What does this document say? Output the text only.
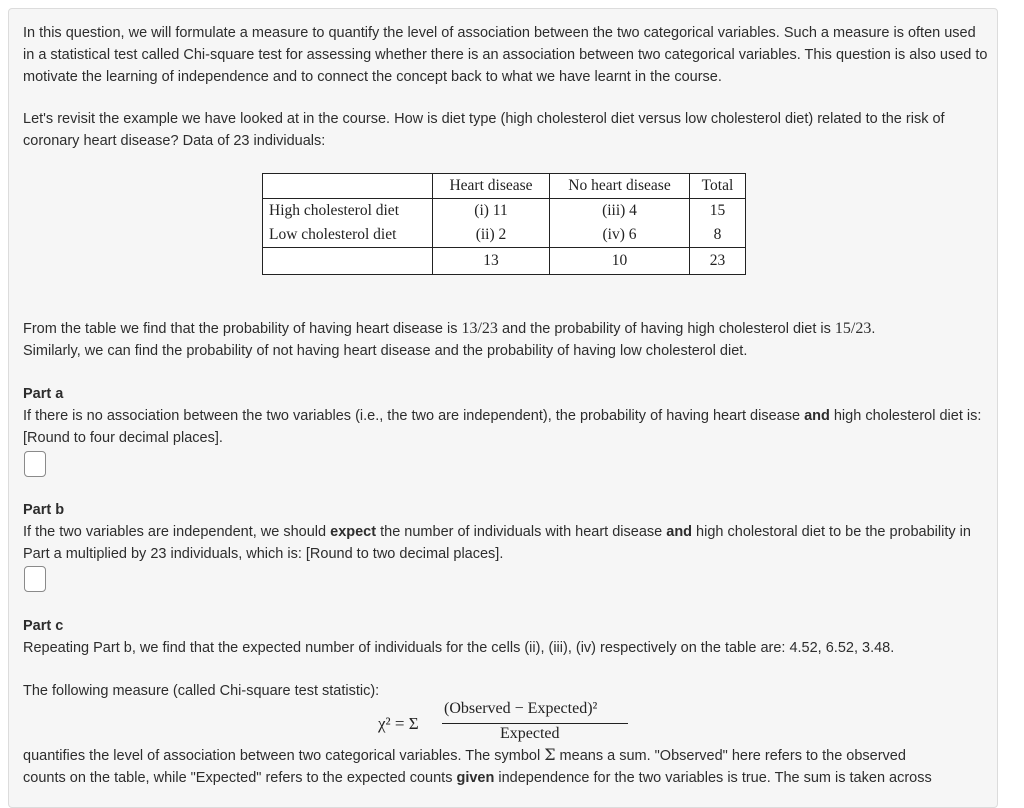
In this question, we will formulate a measure to quantify the level of association between the two categorical variables. Such a measure is often used in a statistical test called Chi-square test for assessing whether there is an association between two categorical variables. This question is also used to motivate the learning of independence and to connect the concept back to what we have learnt in the course.

Let's revisit the example we have looked at in the course. How is diet type (high cholesterol diet versus low cholesterol diet) related to the risk of coronary heart disease? Data of 23 individuals:

	Heart disease	No heart disease	Total
High cholesterol diet	(i) 11	(iii) 4	15
Low cholesterol diet	(ii) 2	(iv) 6	8
	13	10	23

From the table we find that the probability of having heart disease is 13/23 and the probability of having high cholesterol diet is 15/23.
Similarly, we can find the probability of not having heart disease and the probability of having low cholesterol diet.

Part a

If there is no association between the two variables (i.e., the two are independent), the probability of having heart disease and high cholesterol diet is: [Round to four decimal places].

Part b

If the two variables are independent, we should expect the number of individuals with heart disease and high cholestoral diet to be the probability in Part a multiplied by 23 individuals, which is: [Round to two decimal places].

Part c

Repeating Part b, we find that the expected number of individuals for the cells (ii), (iii), (iv) respectively on the table are: 4.52, 6.52, 3.48.

The following measure (called Chi-square test statistic):

χ² = Σ
(Observed − Expected)²
Expected

quantifies the level of association between two categorical variables. The symbol Σ means a sum. "Observed" here refers to the observed
counts on the table, while "Expected" refers to the expected counts given independence for the two variables is true. The sum is taken across
